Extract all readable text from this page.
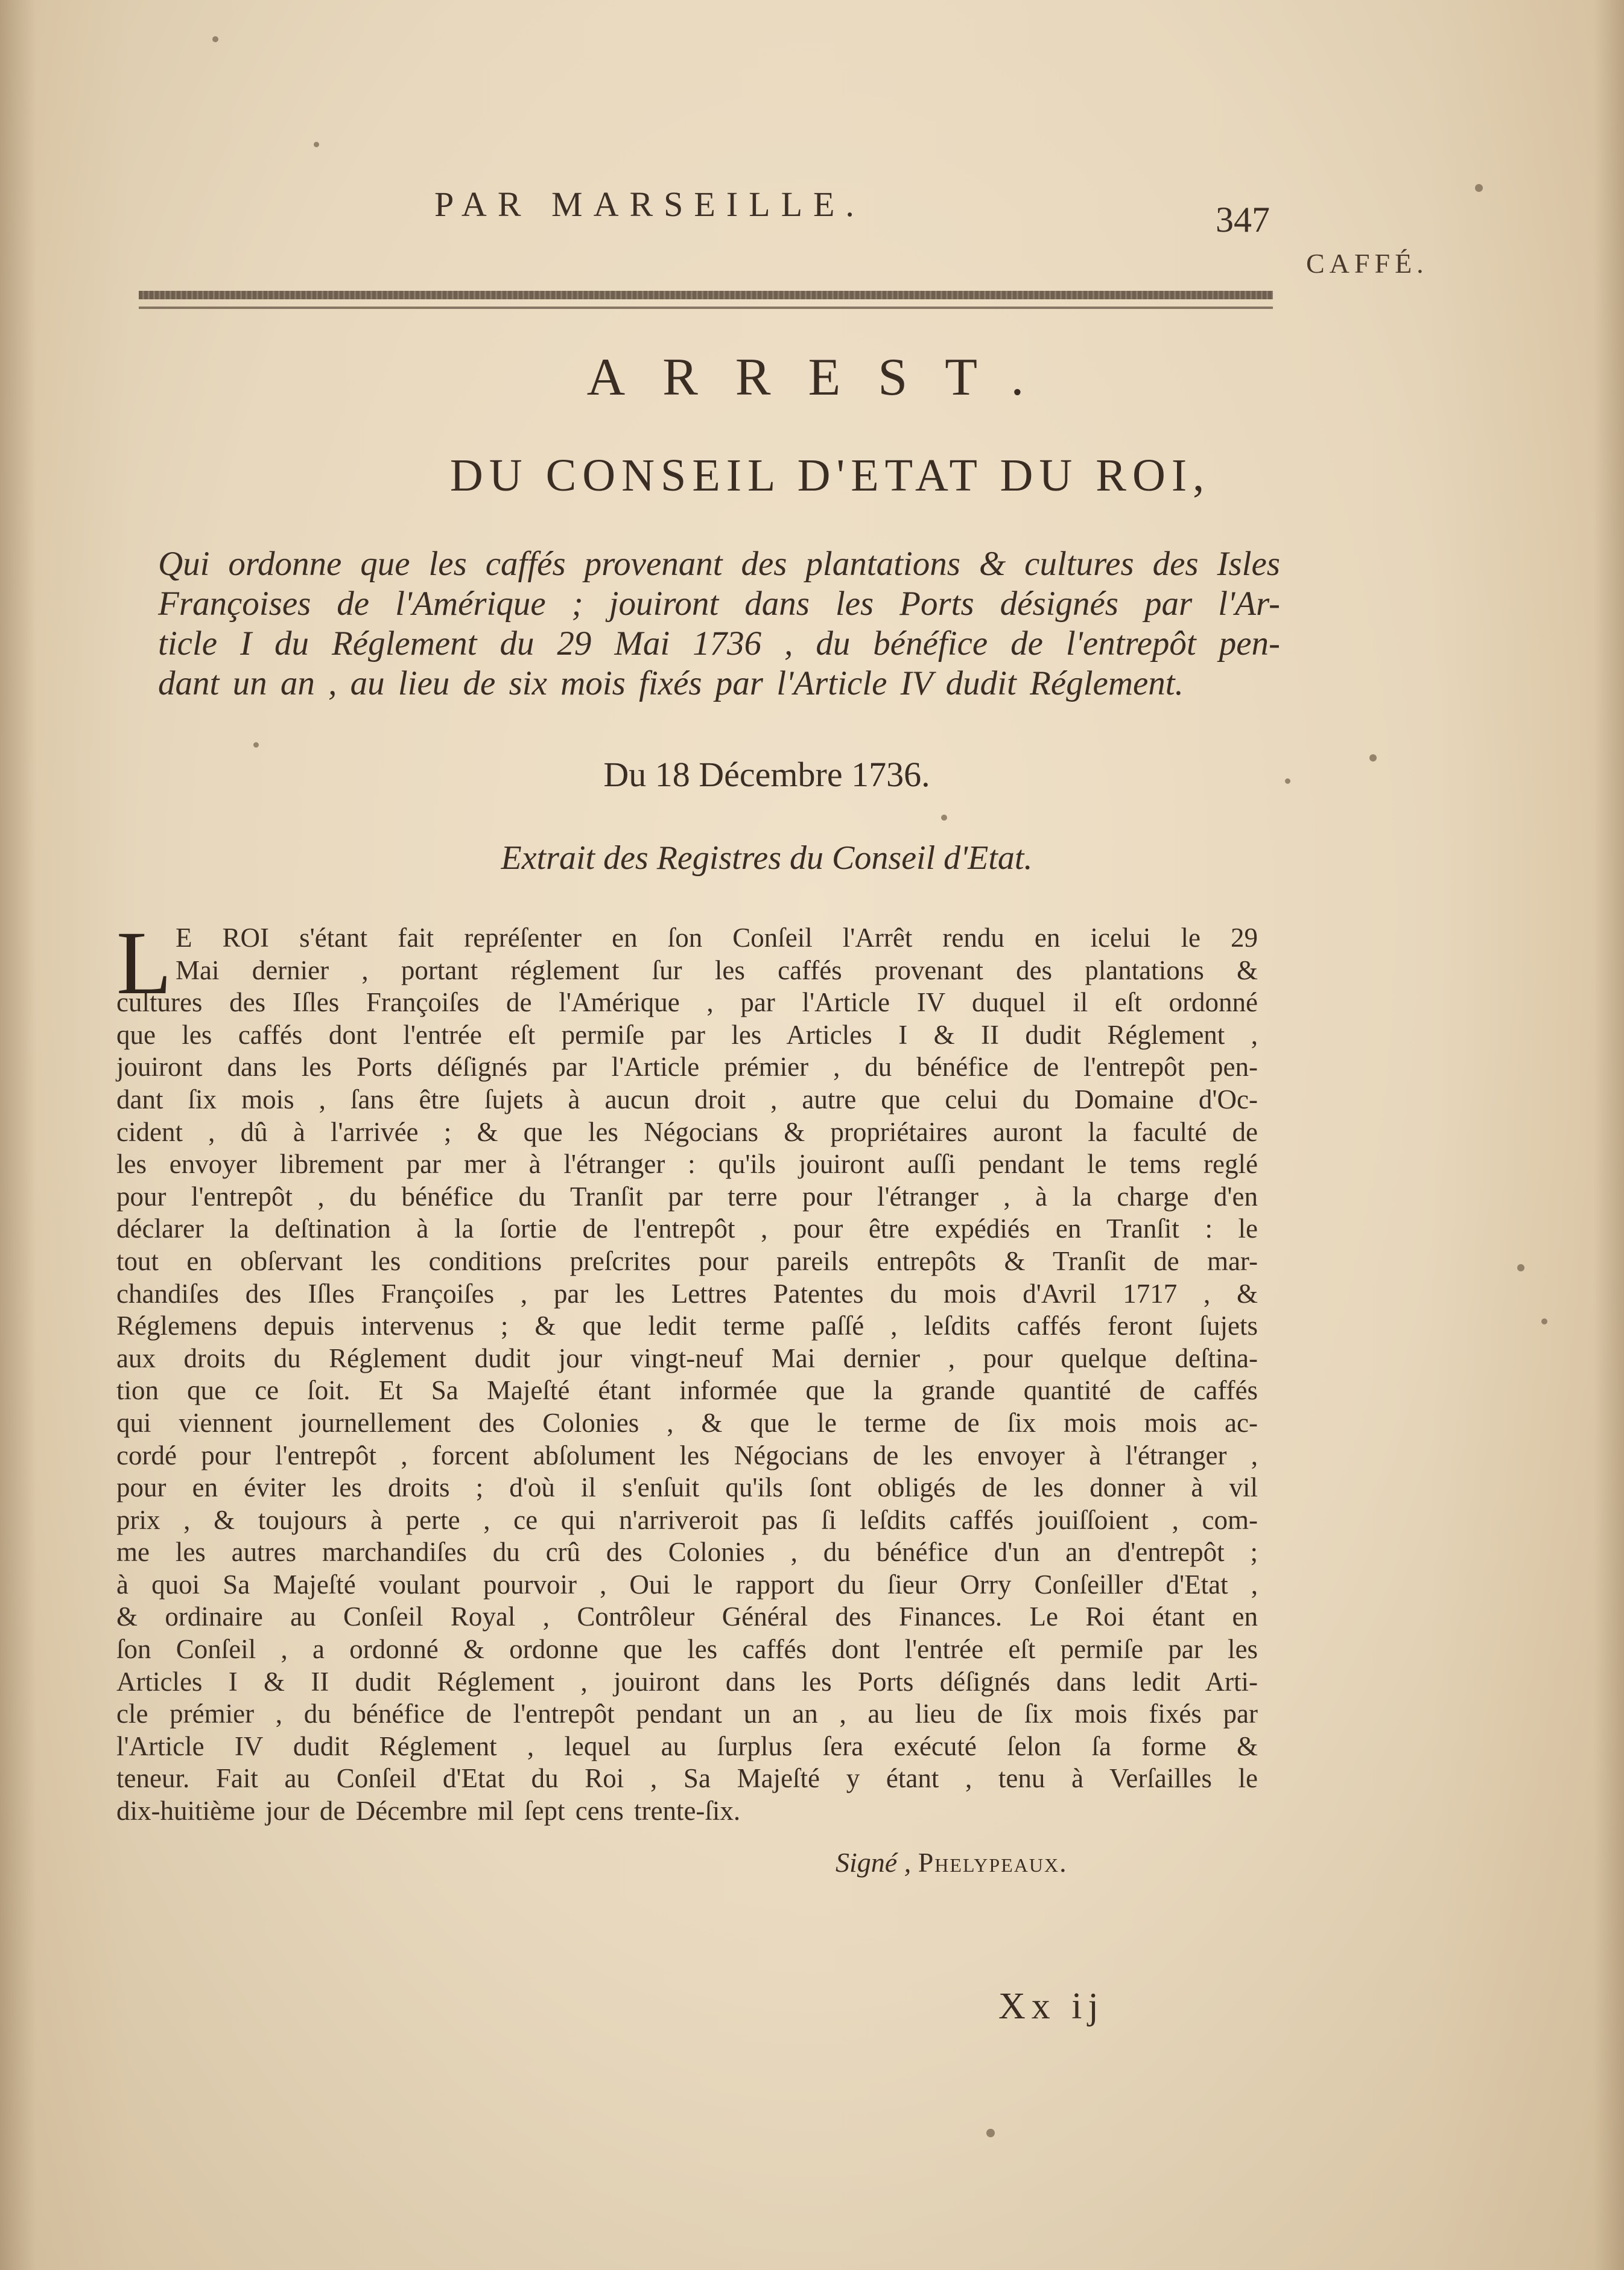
PAR MARSEILLE.	347
CAFFÉ.
ARREST.
DU CONSEIL D'ETAT DU ROI,
Qui ordonne que les caffés provenant des plantations & cultures des Isles
Françoises de l'Amérique ; jouiront dans les Ports désignés par l'Ar-
ticle I du Réglement du 29 Mai 1736 , du bénéfice de l'entrepôt pen-
dant un an , au lieu de six mois fixés par l'Article IV dudit Réglement.
Du 18 Décembre 1736.
Extrait des Registres du Conseil d'Etat.
L E ROI s'étant fait repréſenter en ſon Conſeil l'Arrêt rendu en icelui le 29
Mai dernier , portant réglement ſur les caffés provenant des plantations &
cultures des Iſles Françoiſes de l'Amérique , par l'Article IV duquel il eſt ordonné
que les caffés dont l'entrée eſt permiſe par les Articles I & II dudit Réglement ,
jouiront dans les Ports déſignés par l'Article prémier , du bénéfice de l'entrepôt pen-
dant ſix mois , ſans être ſujets à aucun droit , autre que celui du Domaine d'Oc-
cident , dû à l'arrivée ; & que les Négocians & propriétaires auront la faculté de
les envoyer librement par mer à l'étranger : qu'ils jouiront auſſi pendant le tems reglé
pour l'entrepôt , du bénéfice du Tranſit par terre pour l'étranger , à la charge d'en
déclarer la deſtination à la ſortie de l'entrepôt , pour être expédiés en Tranſit : le
tout en obſervant les conditions preſcrites pour pareils entrepôts & Tranſit de mar-
chandiſes des Iſles Françoiſes , par les Lettres Patentes du mois d'Avril 1717 , &
Réglemens depuis intervenus ; & que ledit terme paſſé , leſdits caffés feront ſujets
aux droits du Réglement dudit jour vingt-neuf Mai dernier , pour quelque deſtina-
tion que ce ſoit. Et Sa Majeſté étant informée que la grande quantité de caffés
qui viennent journellement des Colonies , & que le terme de ſix mois mois ac-
cordé pour l'entrepôt , forcent abſolument les Négocians de les envoyer à l'étranger ,
pour en éviter les droits ; d'où il s'enſuit qu'ils ſont obligés de les donner à vil
prix , & toujours à perte , ce qui n'arriveroit pas ſi leſdits caffés jouiſſoient , com-
me les autres marchandiſes du crû des Colonies , du bénéfice d'un an d'entrepôt ;
à quoi Sa Majeſté voulant pourvoir , Oui le rapport du ſieur Orry Conſeiller d'Etat ,
& ordinaire au Conſeil Royal , Contrôleur Général des Finances. Le Roi étant en
ſon Conſeil , a ordonné & ordonne que les caffés dont l'entrée eſt permiſe par les
Articles I & II dudit Réglement , jouiront dans les Ports déſignés dans ledit Arti-
cle prémier , du bénéfice de l'entrepôt pendant un an , au lieu de ſix mois fixés par
l'Article IV dudit Réglement , lequel au ſurplus ſera exécuté ſelon ſa forme &
teneur. Fait au Conſeil d'Etat du Roi , Sa Majeſté y étant , tenu à Verſailles le
dix-huitième jour de Décembre mil ſept cens trente-ſix.
Signé , Phelypeaux.
Xx ij
